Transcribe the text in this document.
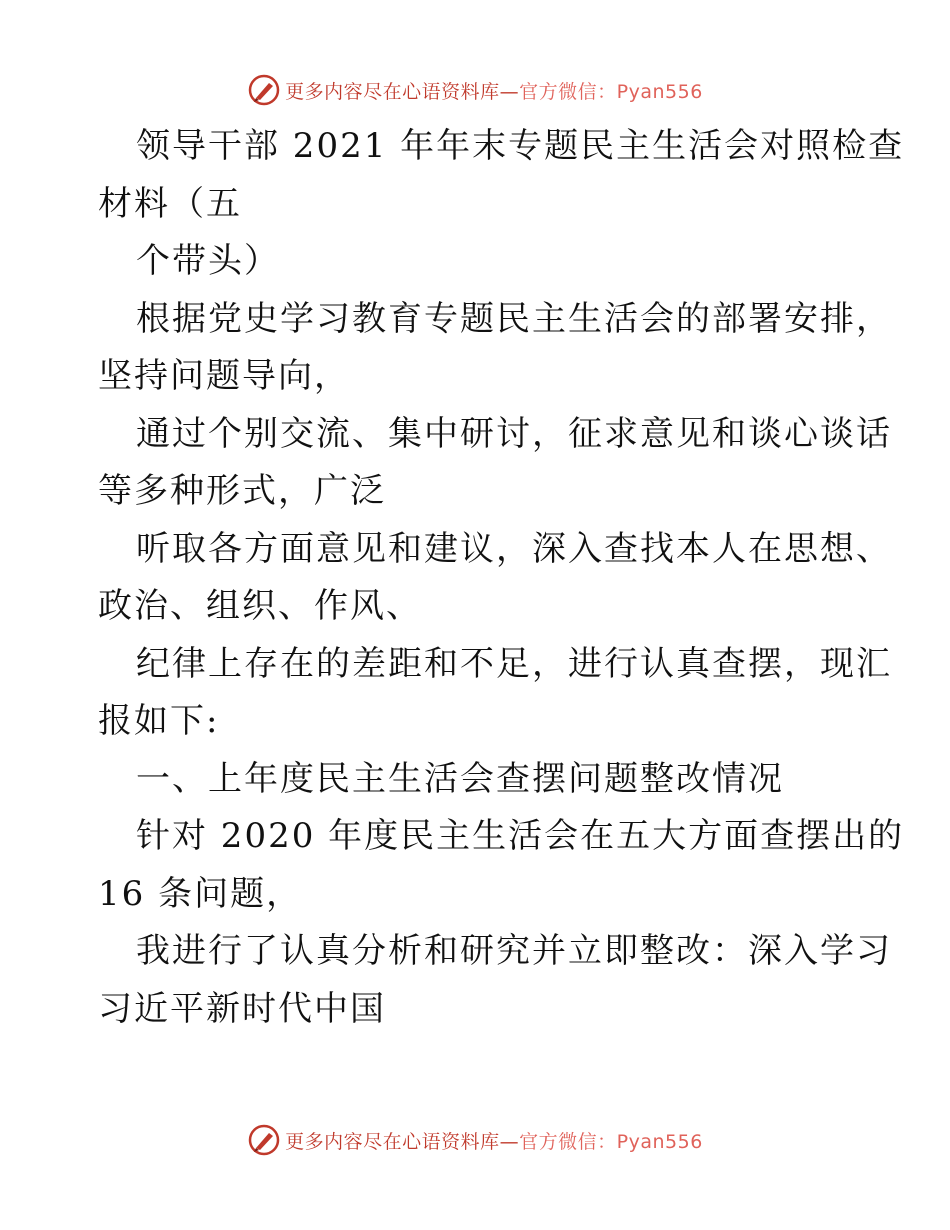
更多内容尽在心语资料库—官方微信：Pyan556
领导干部 2021 年年末专题民主生活会对照检查
材料（五
个带头）
根据党史学习教育专题民主生活会的部署安排，
坚持问题导向，
通过个别交流、集中研讨，征求意见和谈心谈话
等多种形式，广泛
听取各方面意见和建议，深入查找本人在思想、
政治、组织、作风、
纪律上存在的差距和不足，进行认真查摆，现汇
报如下:
一、上年度民主生活会查摆问题整改情况
针对 2020 年度民主生活会在五大方面查摆出的
16 条问题，
我进行了认真分析和研究并立即整改：深入学习
习近平新时代中国
更多内容尽在心语资料库—官方微信：Pyan556
